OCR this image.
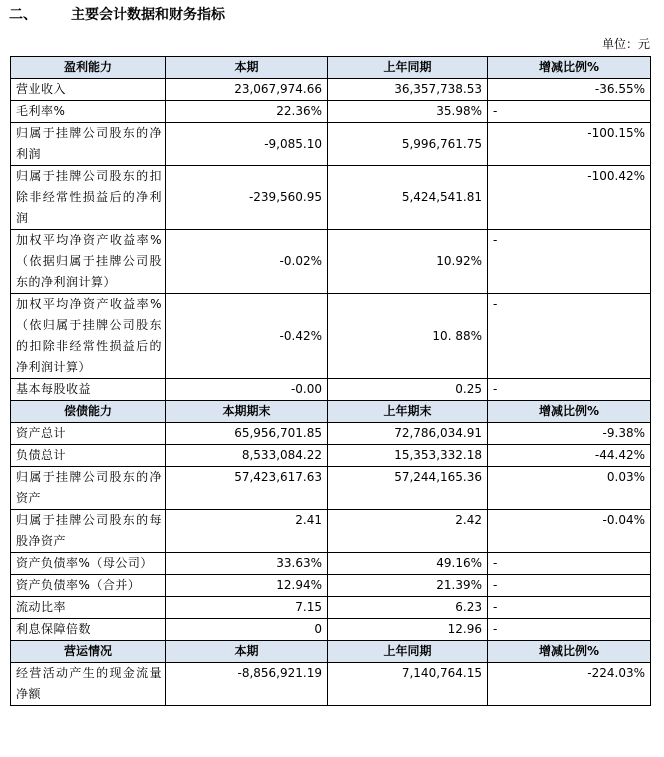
二、 主要会计数据和财务指标
单位：元
盈利能力	本期	上年同期	增减比例%
营业收入	23,067,974.66	36,357,738.53	-36.55%
毛利率%	22.36%	35.98%	-
归属于挂牌公司股东的净利润	-9,085.10	5,996,761.75	-100.15%
归属于挂牌公司股东的扣除非经常性损益后的净利润	-239,560.95	5,424,541.81	-100.42%
加权平均净资产收益率%（依据归属于挂牌公司股东的净利润计算）	-0.02%	10.92%	-
加权平均净资产收益率%（依归属于挂牌公司股东的扣除非经常性损益后的净利润计算）	-0.42%	10. 88%	-
基本每股收益	-0.00	0.25	-
偿债能力	本期期末	上年期末	增减比例%
资产总计	65,956,701.85	72,786,034.91	-9.38%
负债总计	8,533,084.22	15,353,332.18	-44.42%
归属于挂牌公司股东的净资产	57,423,617.63	57,244,165.36	0.03%
归属于挂牌公司股东的每股净资产	2.41	2.42	-0.04%
资产负债率%（母公司）	33.63%	49.16%	-
资产负债率%（合并）	12.94%	21.39%	-
流动比率	7.15	6.23	-
利息保障倍数	0	12.96	-
营运情况	本期	上年同期	增减比例%
经营活动产生的现金流量净额	-8,856,921.19	7,140,764.15	-224.03%
